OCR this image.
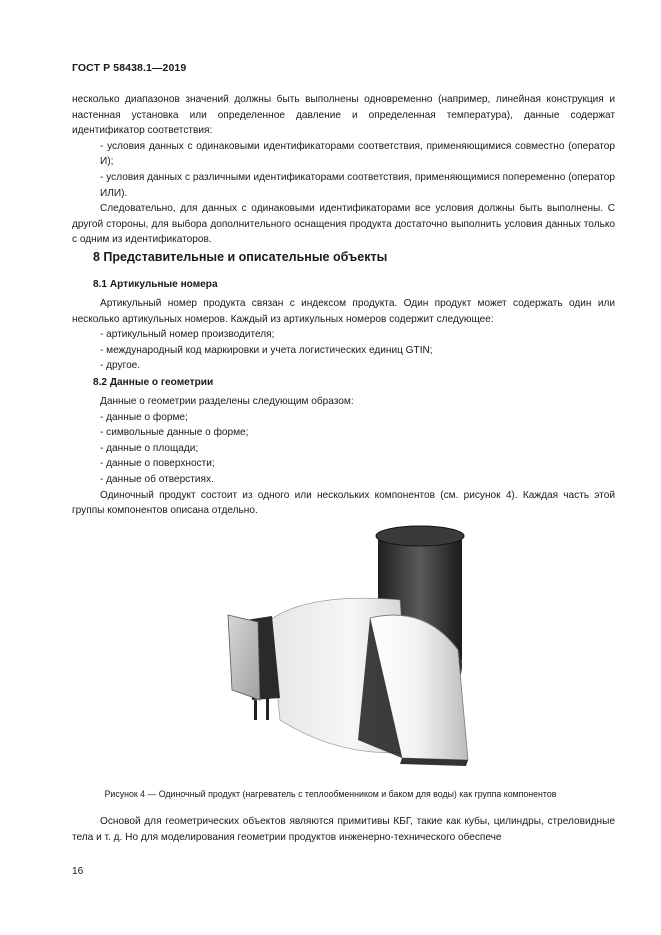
ГОСТ Р 58438.1—2019

несколько диапазонов значений должны быть выполнены одновременно (например, линейная конструкция и настенная установка или определенное давление и определенная температура), данные содержат идентификатор соответствия:

- условия данных с одинаковыми идентификаторами соответствия, применяющимися совместно (оператор И);

- условия данных с различными идентификаторами соответствия, применяющимися попеременно (оператор ИЛИ).

Следовательно, для данных с одинаковыми идентификаторами все условия должны быть выполнены. С другой стороны, для выбора дополнительного оснащения продукта достаточно выполнить условия данных только с одним из идентификаторов.

8 Представительные и описательные объекты
8.1 Артикульные номера

Артикульный номер продукта связан с индексом продукта. Один продукт может содержать один или несколько артикульных номеров. Каждый из артикульных номеров содержит следующее:

- артикульный номер производителя;
- международный код маркировки и учета логистических единиц GTIN;
- другое.
8.2 Данные о геометрии

Данные о геометрии разделены следующим образом:

- данные о форме;
- символьные данные о форме;
- данные о площади;
- данные о поверхности;
- данные об отверстиях.

Одиночный продукт состоит из одного или нескольких компонентов (см. рисунок 4). Каждая часть этой группы компонентов описана отдельно.

Рисунок 4 — Одиночный продукт (нагреватель с теплообменником и баком для воды) как группа компонентов

Основой для геометрических объектов являются примитивы КБГ, такие как кубы, цилиндры, стреловидные тела и т. д. Но для моделирования геометрии продуктов инженерно-технического обеспече

16
